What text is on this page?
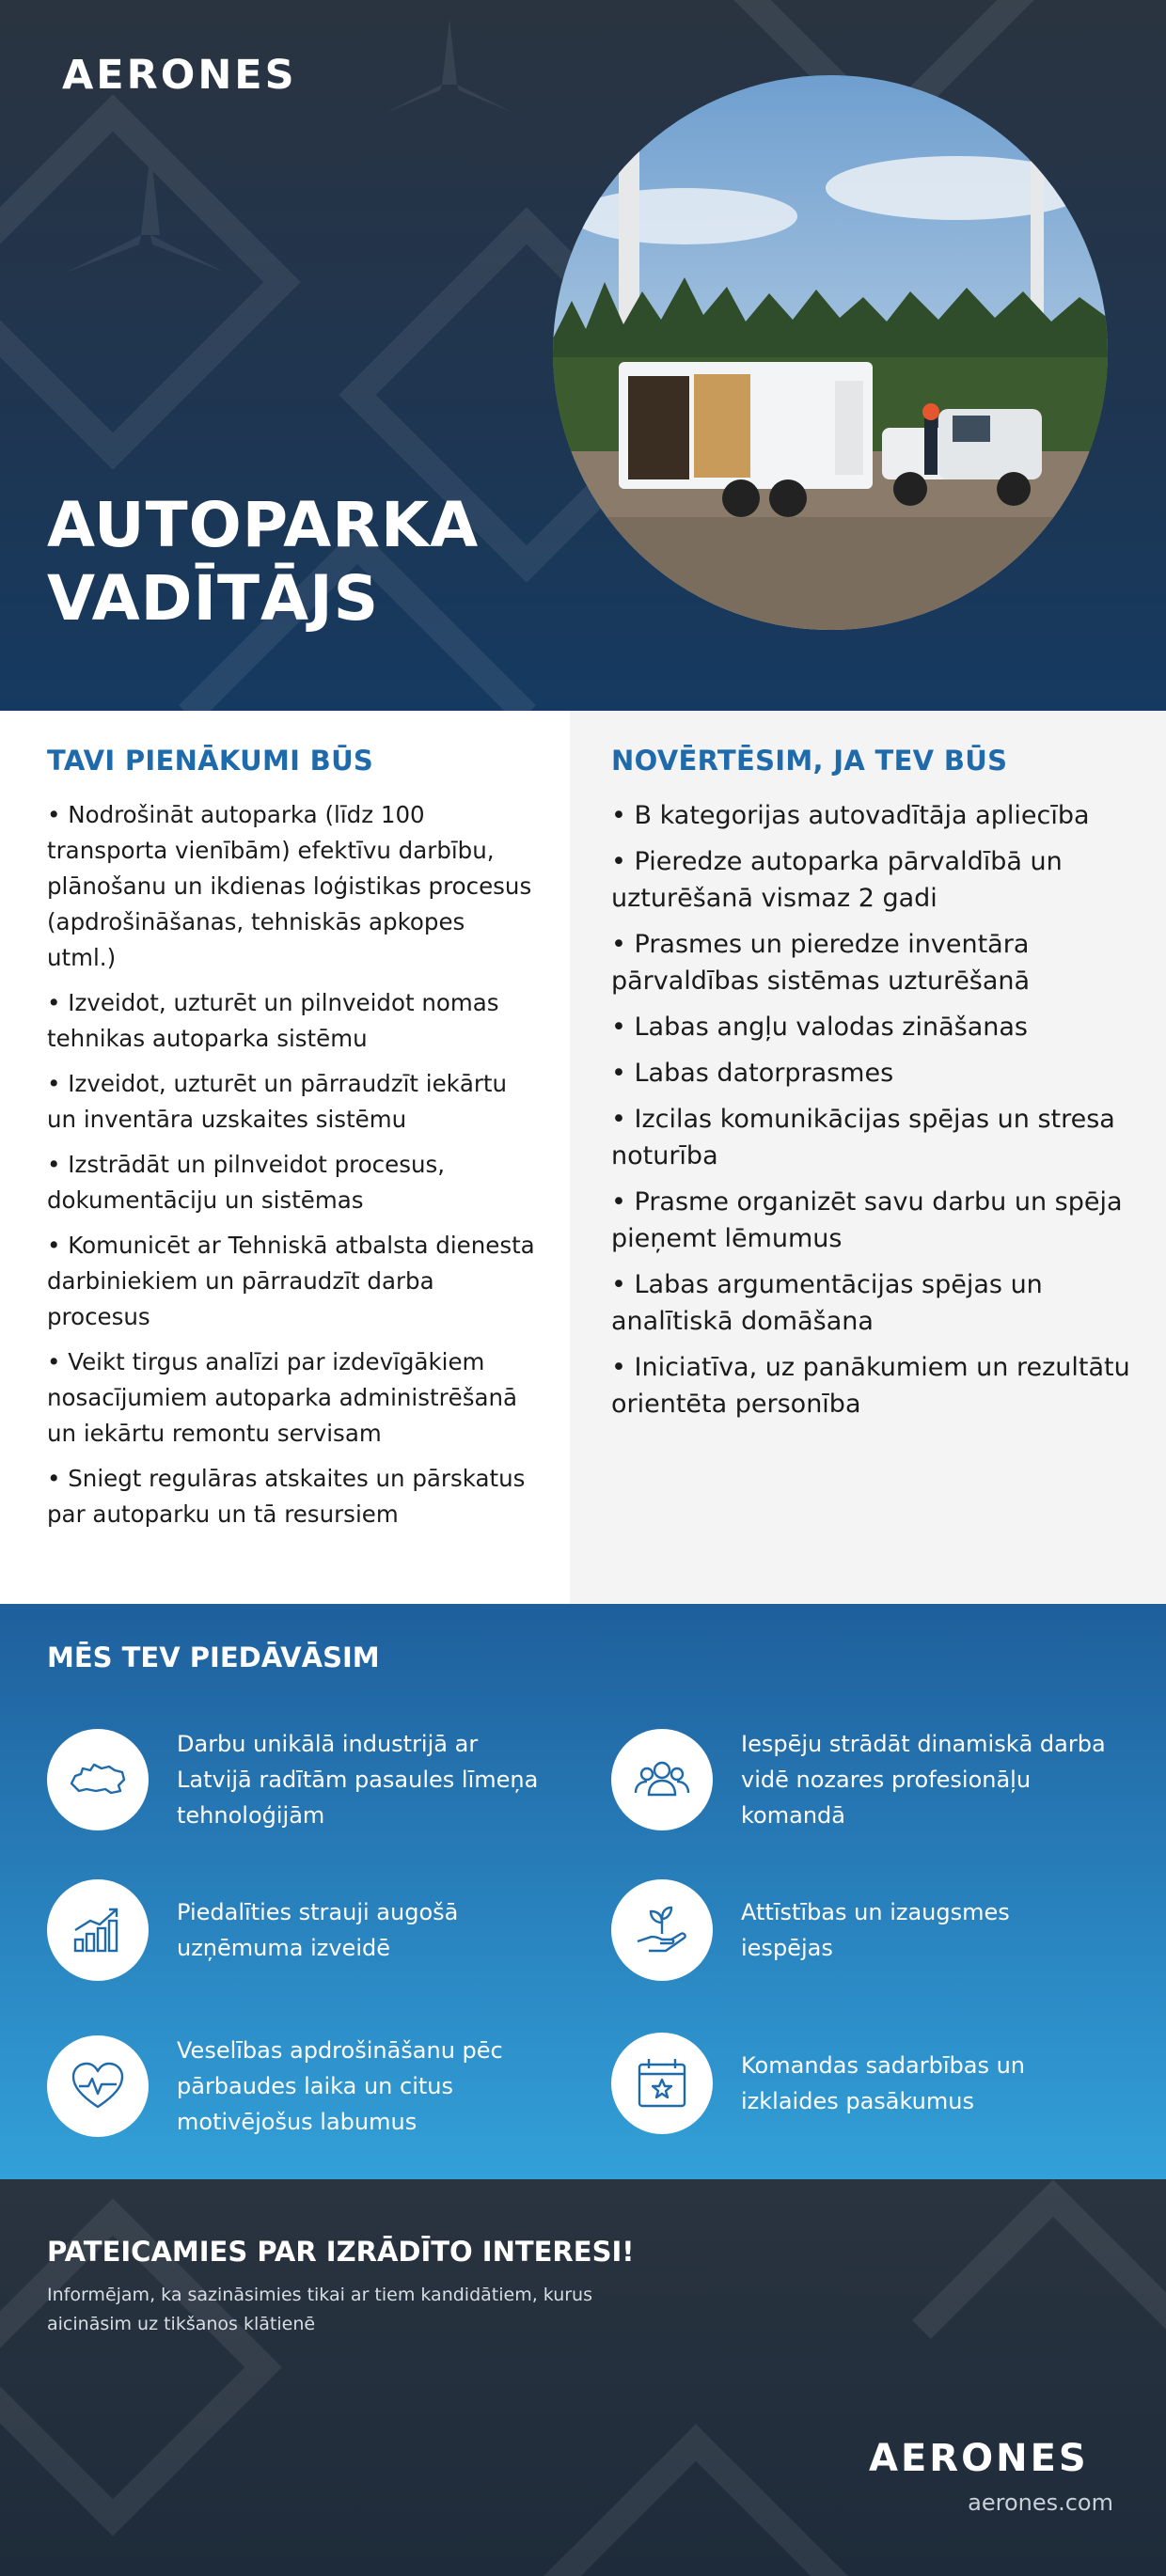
AERONES
AUTOPARKA VADĪTĀJS
TAVI PIENĀKUMI BŪS
• Nodrošināt autoparka (līdz 100 transporta vienībām) efektīvu darbību, plānošanu un ikdienas loģistikas procesus (apdrošināšanas, tehniskās apkopes utml.)
• Izveidot, uzturēt un pilnveidot nomas tehnikas autoparka sistēmu
• Izveidot, uzturēt un pārraudzīt iekārtu un inventāra uzskaites sistēmu
• Izstrādāt un pilnveidot procesus, dokumentāciju un sistēmas
• Komunicēt ar Tehniskā atbalsta dienesta darbiniekiem un pārraudzīt darba procesus
• Veikt tirgus analīzi par izdevīgākiem nosacījumiem autoparka administrēšanā un iekārtu remontu servisam
• Sniegt regulāras atskaites un pārskatus par autoparku un tā resursiem
NOVĒRTĒSIM, JA TEV BŪS
• B kategorijas autovadītāja apliecība
• Pieredze autoparka pārvaldībā un uzturēšanā vismaz 2 gadi
• Prasmes un pieredze inventāra pārvaldības sistēmas uzturēšanā
• Labas angļu valodas zināšanas
• Labas datorprasmes
• Izcilas komunikācijas spējas un stresa noturība
• Prasme organizēt savu darbu un spēja pieņemt lēmumus
• Labas argumentācijas spējas un analītiskā domāšana
• Iniciatīva, uz panākumiem un rezultātu orientēta personība
MĒS TEV PIEDĀVĀSIM
Darbu unikālā industrijā ar Latvijā radītām pasaules līmeņa tehnoloģijām
Iespēju strādāt dinamiskā darba vidē nozares profesionāļu komandā
Piedalīties strauji augošā uzņēmuma izveidē
Attīstības un izaugsmes iespējas
Veselības apdrošināšanu pēc pārbaudes laika un citus motivējošus labumus
Komandas sadarbības un izklaides pasākumus
PATEICAMIES PAR IZRĀDĪTO INTERESI!

Informējam, ka sazināsimies tikai ar tiem kandidātiem, kurus aicināsim uz tikšanos klātienē

aerones.com
AERONES
